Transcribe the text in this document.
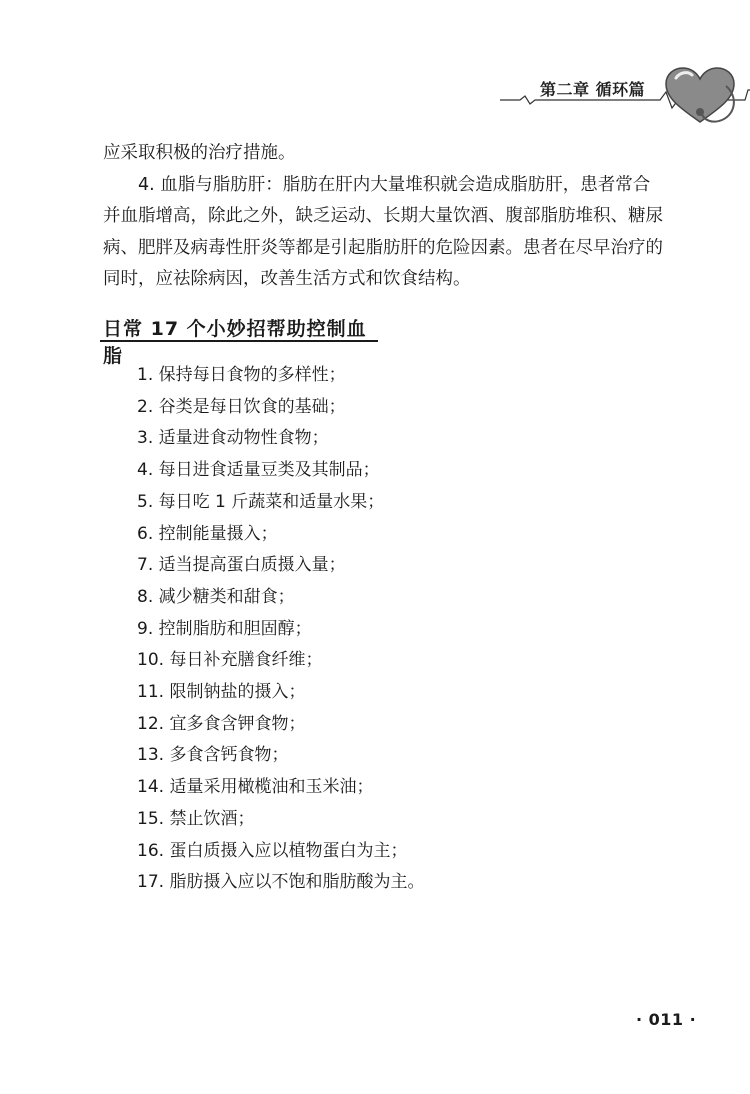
第二章 循环篇

应采取积极的治疗措施。

4. 血脂与脂肪肝：脂肪在肝内大量堆积就会造成脂肪肝，患者常合并血脂增高，除此之外，缺乏运动、长期大量饮酒、腹部脂肪堆积、糖尿病、肥胖及病毒性肝炎等都是引起脂肪肝的危险因素。患者在尽早治疗的同时，应祛除病因，改善生活方式和饮食结构。

日常 17 个小妙招帮助控制血脂
1. 保持每日食物的多样性；
2. 谷类是每日饮食的基础；
3. 适量进食动物性食物；
4. 每日进食适量豆类及其制品；
5. 每日吃 1 斤蔬菜和适量水果；
6. 控制能量摄入；
7. 适当提高蛋白质摄入量；
8. 减少糖类和甜食；
9. 控制脂肪和胆固醇；
10. 每日补充膳食纤维；
11. 限制钠盐的摄入；
12. 宜多食含钾食物；
13. 多食含钙食物；
14. 适量采用橄榄油和玉米油；
15. 禁止饮酒；
16. 蛋白质摄入应以植物蛋白为主；
17. 脂肪摄入应以不饱和脂肪酸为主。
· 011 ·
